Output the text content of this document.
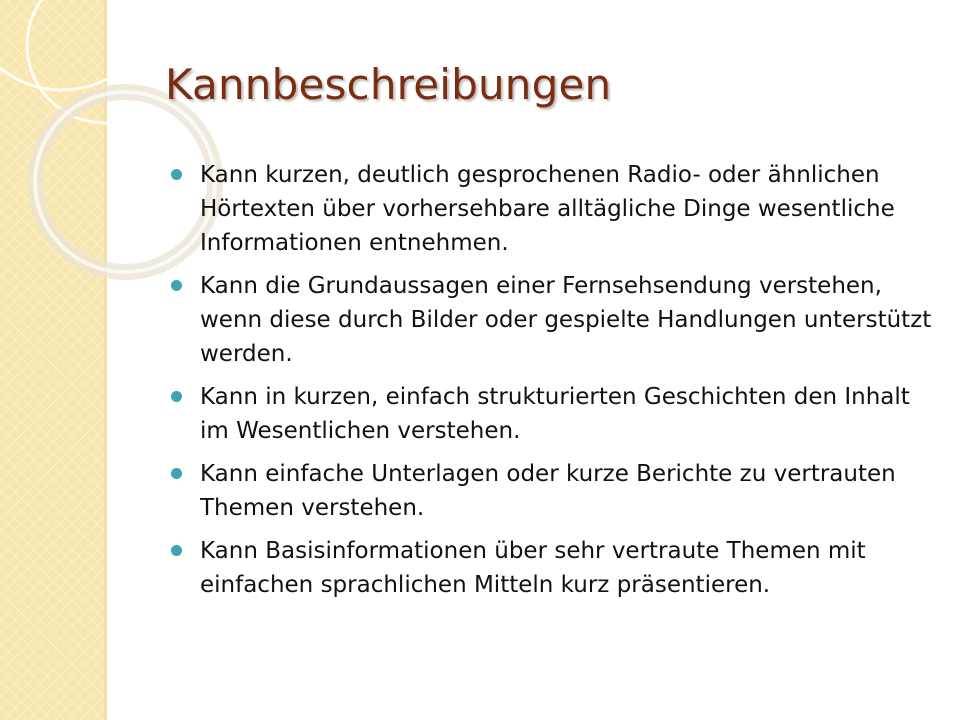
Kannbeschreibungen
Kann kurzen, deutlich gesprochenen Radio- oder ähnlichen Hörtexten über vorhersehbare alltägliche Dinge wesentliche Informationen entnehmen.
Kann die Grundaussagen einer Fernsehsendung verstehen, wenn diese durch Bilder oder gespielte Handlungen unterstützt werden.
Kann in kurzen, einfach strukturierten Geschichten den Inhalt im Wesentlichen verstehen.
Kann einfache Unterlagen oder kurze Berichte zu vertrauten Themen verstehen.
Kann Basisinformationen über sehr vertraute Themen mit einfachen sprachlichen Mitteln kurz präsentieren.
